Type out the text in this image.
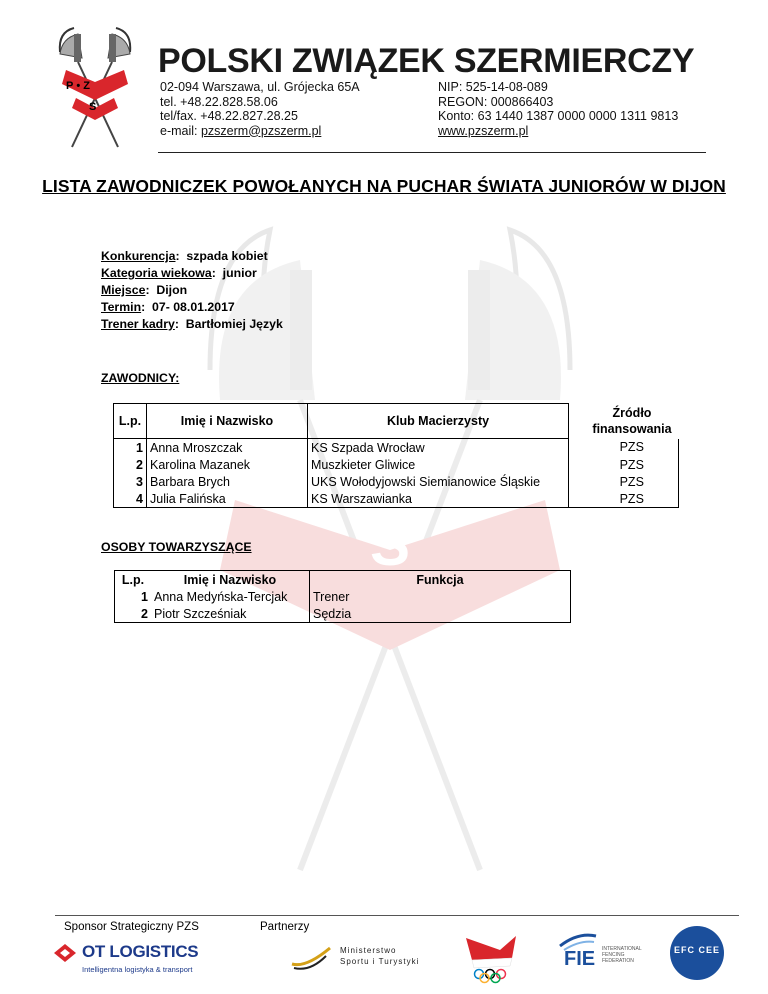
S
P • Z
S
POLSKI ZWIĄZEK SZERMIERCZY
02-094 Warszawa, ul. Grójecka 65A
tel. +48.22.828.58.06
tel/fax. +48.22.827.28.25
e-mail: pzszerm@pzszerm.pl
NIP: 525-14-08-089
REGON: 000866403
Konto: 63 1440 1387 0000 0000 1311 9813
www.pzszerm.pl
LISTA ZAWODNICZEK POWOŁANYCH NA PUCHAR ŚWIATA JUNIORÓW W DIJON
Konkurencja:  szpada kobiet
Kategoria wiekowa:  junior
Miejsce:  Dijon
Termin:  07- 08.01.2017
Trener kadry:  Bartłomiej Język
ZAWODNICY:
L.p.	Imię i Nazwisko	Klub Macierzysty	Źródło
finansowania
1	Anna Mroszczak	KS Szpada Wrocław	PZS
2	Karolina Mazanek	Muszkieter Gliwice	PZS
3	Barbara Brych	UKS Wołodyjowski Siemianowice Śląskie	PZS
4	Julia Falińska	KS Warszawianka	PZS
OSOBY TOWARZYSZĄCE
L.p.	Imię i Nazwisko	Funkcja
1	Anna Medyńska-Tercjak	Trener
2	Piotr Szcześniak	Sędzia
Sponsor Strategiczny PZS	Partnerzy
OT LOGISTICS
Intelligentna logistyka & transport
Ministerstwo
Sportu i Turystyki	FIE INTERNATIONAL
FENCING
FEDERATION
EFC CEE
